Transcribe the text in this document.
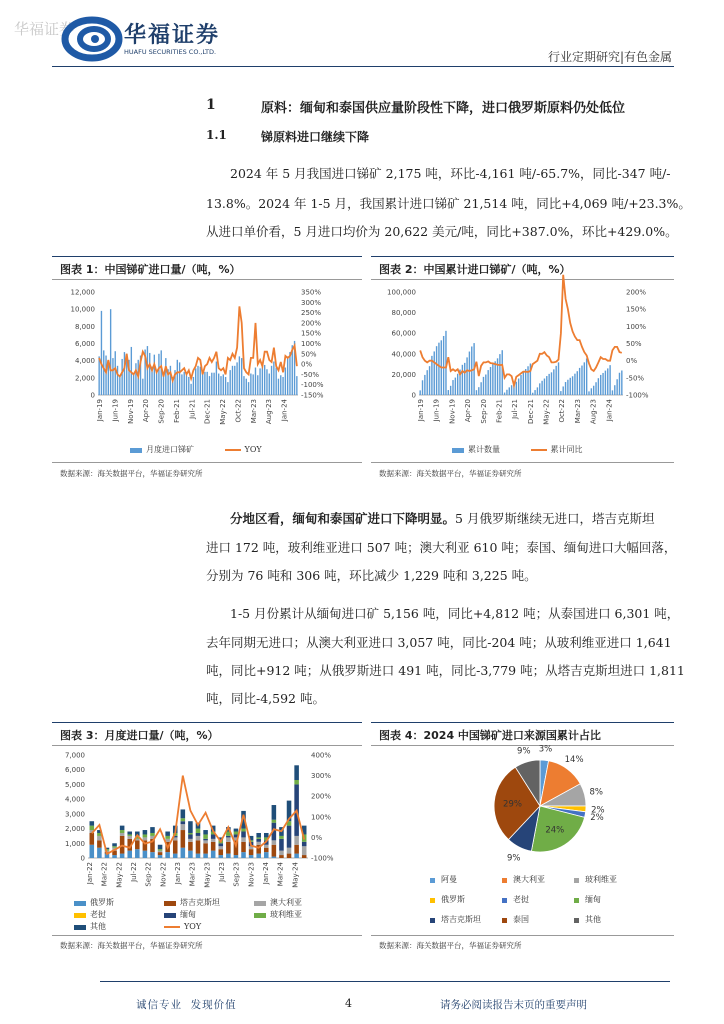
华福证券 华福证券
HUAFU SECURITIES CO.,LTD.	行业定期研究|有色金属
1	原料：缅甸和泰国供应量阶段性下降，进口俄罗斯原料仍处低位
1.1	锑原料进口继续下降

2024 年 5 月我国进口锑矿 2,175 吨，环比-4,161 吨/-65.7%，同比-347 吨/-

13.8%。2024 年 1-5 月，我国累计进口锑矿 21,514 吨，同比+4,069 吨/+23.3%。

从进口单价看，5 月进口均价为 20,622 美元/吨，同比+387.0%，环比+429.0%。

图表 1：中国锑矿进口量/（吨，%）	图表 2：中国累计进口锑矿/（吨，%）
0
2,000
4,000
6,000
8,000
10,000
12,000
-150%
-100%
-50%
0%
50%
100%
150%
200%
250%
300%
350%
Jan-19 Jun-19 Nov-19 Apr-20 Sep-20 Feb-21 Jul-21 Dec-21 May-22 Oct-22 Mar-23 Aug-23 Jan-24
月度进口锑矿	YOY
数据来源：海关数据平台，华福证券研究所
0
20,000
40,000
60,000
80,000
100,000
-100%
-50%
0%
50%
100%
150%
200%
Jan-19 Jun-19 Nov-19 Apr-20 Sep-20 Feb-21 Jul-21 Dec-21 May-22 Oct-22 Mar-23 Aug-23 Jan-24
累计数量	累计同比
数据来源：海关数据平台，华福证券研究所

分地区看，缅甸和泰国矿进口下降明显。5 月俄罗斯继续无进口，塔吉克斯坦

进口 172 吨，玻利维亚进口 507 吨；澳大利亚 610 吨；泰国、缅甸进口大幅回落，

分别为 76 吨和 306 吨，环比减少 1,229 吨和 3,225 吨。

1-5 月份累计从缅甸进口矿 5,156 吨，同比+4,812 吨；从泰国进口 6,301 吨，

去年同期无进口；从澳大利亚进口 3,057 吨，同比-204 吨；从玻利维亚进口 1,641

吨，同比+912 吨；从俄罗斯进口 491 吨，同比-3,779 吨；从塔吉克斯坦进口 1,811

吨，同比-4,592 吨。

图表 3：月度进口量/（吨，%）	图表 4：2024 中国锑矿进口来源国累计占比
0
1,000
2,000
3,000
4,000
5,000
6,000
7,000
-100%
0%
100%
200%
300%
400%
Jan-22 Mar-22 May-22 Jul-22 Sep-22 Nov-22 Jan-23 Mar-23 May-23 Jul-23 Sep-23 Nov-23 Jan-24 Mar-24 May-24
俄罗斯	塔吉克斯坦	澳大利亚老挝	缅甸	玻利维亚其他	YOY
数据来源：海关数据平台，华福证券研究所
3%
14%
8%
2%
2%
24%
9%
29%
9%
阿曼	澳大利亚	玻利维亚俄罗斯	老挝	缅甸塔吉克斯坦	泰国	其他
数据来源：海关数据平台，华福证券研究所
诚信专业  发现价值	4	请务必阅读报告末页的重要声明
